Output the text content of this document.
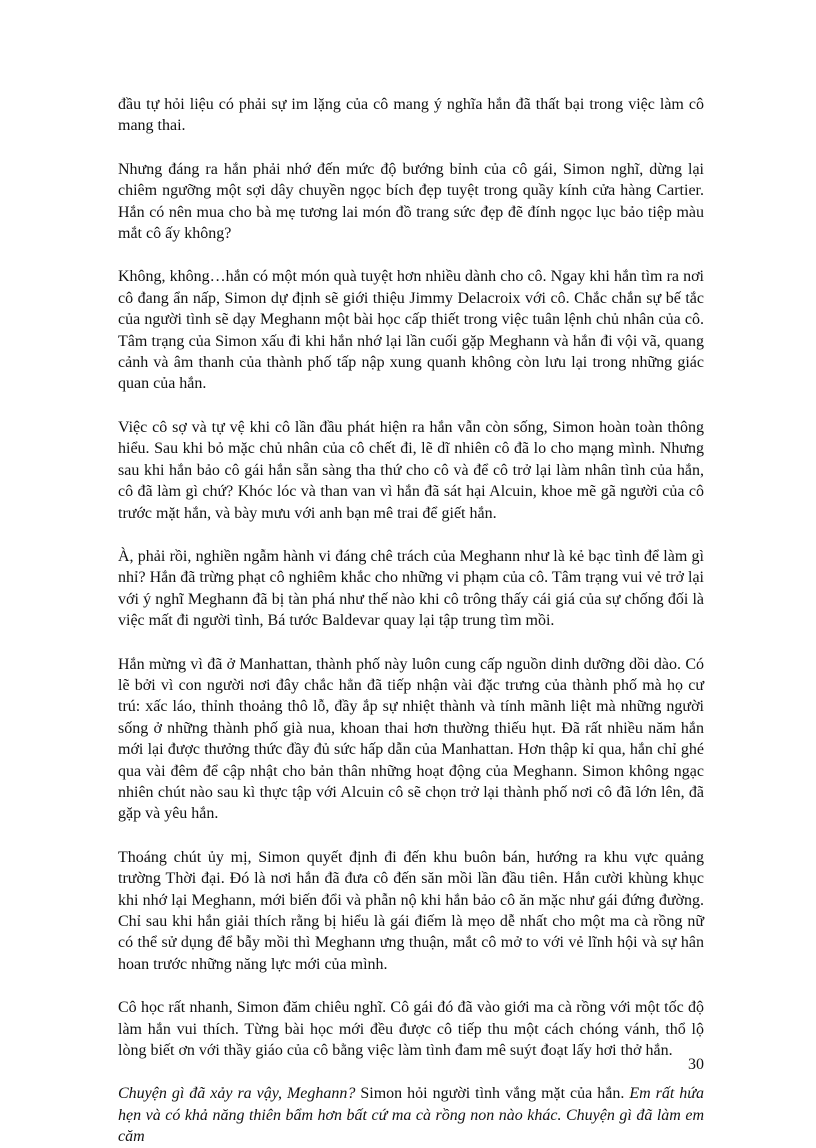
đầu tự hỏi liệu có phải sự im lặng của cô mang ý nghĩa hắn đã thất bại trong việc làm cô mang thai.

Nhưng đáng ra hắn phải nhớ đến mức độ bướng bỉnh của cô gái, Simon nghĩ, dừng lại chiêm ngưỡng một sợi dây chuyền ngọc bích đẹp tuyệt trong quầy kính cửa hàng Cartier. Hắn có nên mua cho bà mẹ tương lai món đồ trang sức đẹp đẽ đính ngọc lục bảo tiệp màu mắt cô ấy không?

Không, không…hắn có một món quà tuyệt hơn nhiều dành cho cô. Ngay khi hắn tìm ra nơi cô đang ẩn nấp, Simon dự định sẽ giới thiệu Jimmy Delacroix với cô. Chắc chắn sự bế tắc của người tình sẽ dạy Meghann một bài học cấp thiết trong việc tuân lệnh chủ nhân của cô. Tâm trạng của Simon xấu đi khi hắn nhớ lại lần cuối gặp Meghann và hắn đi vội vã, quang cảnh và âm thanh của thành phố tấp nập xung quanh không còn lưu lại trong những giác quan của hắn.

Việc cô sợ và tự vệ khi cô lần đầu phát hiện ra hắn vẫn còn sống, Simon hoàn toàn thông hiểu. Sau khi bỏ mặc chủ nhân của cô chết đi, lẽ dĩ nhiên cô đã lo cho mạng mình. Nhưng sau khi hắn bảo cô gái hắn sẵn sàng tha thứ cho cô và để cô trở lại làm nhân tình của hắn, cô đã làm gì chứ? Khóc lóc và than van vì hắn đã sát hại Alcuin, khoe mẽ gã người của cô trước mặt hắn, và bày mưu với anh bạn mê trai để giết hắn.

À, phải rồi, nghiền ngẫm hành vi đáng chê trách của Meghann như là kẻ bạc tình để làm gì nhỉ? Hắn đã trừng phạt cô nghiêm khắc cho những vi phạm của cô. Tâm trạng vui vẻ trở lại với ý nghĩ Meghann đã bị tàn phá như thế nào khi cô trông thấy cái giá của sự chống đối là việc mất đi người tình, Bá tước Baldevar quay lại tập trung tìm mồi.

Hắn mừng vì đã ở Manhattan, thành phố này luôn cung cấp nguồn dinh dưỡng dồi dào. Có lẽ bởi vì con người nơi đây chắc hẳn đã tiếp nhận vài đặc trưng của thành phố mà họ cư trú: xấc láo, thỉnh thoảng thô lỗ, đầy ắp sự nhiệt thành và tính mãnh liệt mà những người sống ở những thành phố già nua, khoan thai hơn thường thiếu hụt. Đã rất nhiều năm hắn mới lại được thưởng thức đầy đủ sức hấp dẫn của Manhattan. Hơn thập kỉ qua, hắn chỉ ghé qua vài đêm để cập nhật cho bản thân những hoạt động của Meghann. Simon không ngạc nhiên chút nào sau kì thực tập với Alcuin cô sẽ chọn trở lại thành phố nơi cô đã lớn lên, đã gặp và yêu hắn.

Thoáng chút ủy mị, Simon quyết định đi đến khu buôn bán, hướng ra khu vực quảng trường Thời đại. Đó là nơi hắn đã đưa cô đến săn mồi lần đầu tiên. Hắn cười khùng khục khi nhớ lại Meghann, mới biến đổi và phẫn nộ khi hắn bảo cô ăn mặc như gái đứng đường. Chỉ sau khi hắn giải thích rằng bị hiểu là gái điếm là mẹo dễ nhất cho một ma cà rồng nữ có thể sử dụng để bẫy mồi thì Meghann ưng thuận, mắt cô mở to với vẻ lĩnh hội và sự hân hoan trước những năng lực mới của mình.

Cô học rất nhanh, Simon đăm chiêu nghĩ. Cô gái đó đã vào giới ma cà rồng với một tốc độ làm hắn vui thích. Từng bài học mới đều được cô tiếp thu một cách chóng vánh, thổ lộ lòng biết ơn với thầy giáo của cô bằng việc làm tình đam mê suýt đoạt lấy hơi thở hắn.

Chuyện gì đã xảy ra vậy, Meghann? Simon hỏi người tình vắng mặt của hắn. Em rất hứa hẹn và có khả năng thiên bẩm hơn bất cứ ma cà rồng non nào khác. Chuyện gì đã làm em căm

30
